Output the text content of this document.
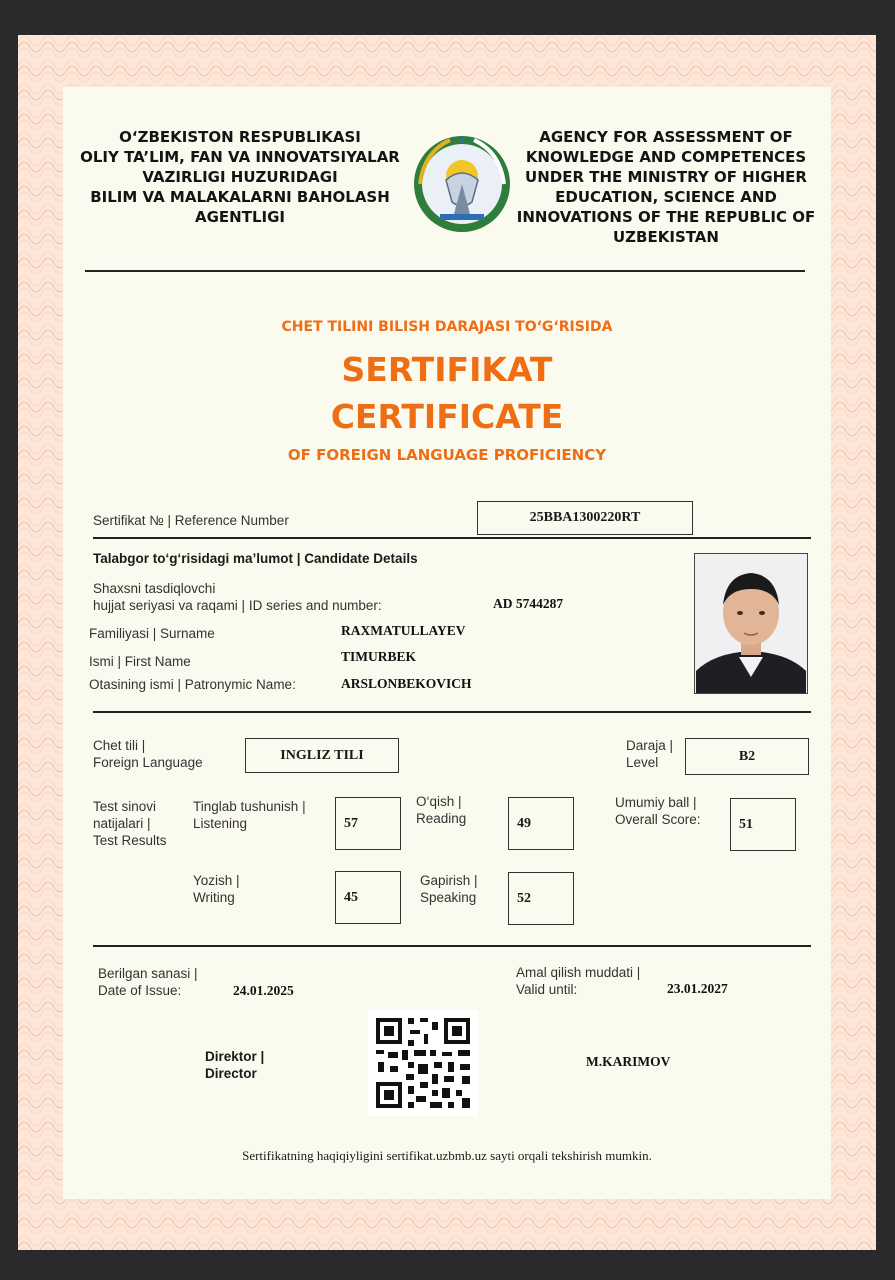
O‘ZBEKISTON RESPUBLIKASI
OLIY TA’LIM, FAN VA INNOVATSIYALAR
VAZIRLIGI HUZURIDAGI
BILIM VA MALAKALARNI BAHOLASH
AGENTLIGI
AGENCY FOR ASSESSMENT OF
KNOWLEDGE AND COMPETENCES
UNDER THE MINISTRY OF HIGHER
EDUCATION, SCIENCE AND
INNOVATIONS OF THE REPUBLIC OF
UZBEKISTAN
CHET TILINI BILISH DARAJASI TO‘G‘RISIDA
SERTIFIKAT
CERTIFICATE
OF FOREIGN LANGUAGE PROFICIENCY
Sertifikat № | Reference Number	25BBA1300220RT
Talabgor to‘g‘risidagi ma’lumot | Candidate Details
Shaxsni tasdiqlovchi
hujjat seriyasi va raqami | ID series and number:	AD 5744287
Familiyasi | Surname	RAXMATULLAYEV
Ismi | First Name	TIMURBEK
Otasining ismi | Patronymic Name:	ARSLONBEKOVICH
Chet tili |
Foreign Language	INGLIZ TILI
Daraja |
Level	B2
Test sinovi
natijalari |
Test Results
Tinglab tushunish |
Listening	57
O‘qish |
Reading	49
Umumiy ball |
Overall Score:	51
Yozish |
Writing	45
Gapirish |
Speaking	52
Berilgan sanasi |
Date of Issue:	24.01.2025
Amal qilish muddati |
Valid until:	23.01.2027
Direktor |
Director
M.KARIMOV
Sertifikatning haqiqiyligini sertifikat.uzbmb.uz sayti orqali tekshirish mumkin.
